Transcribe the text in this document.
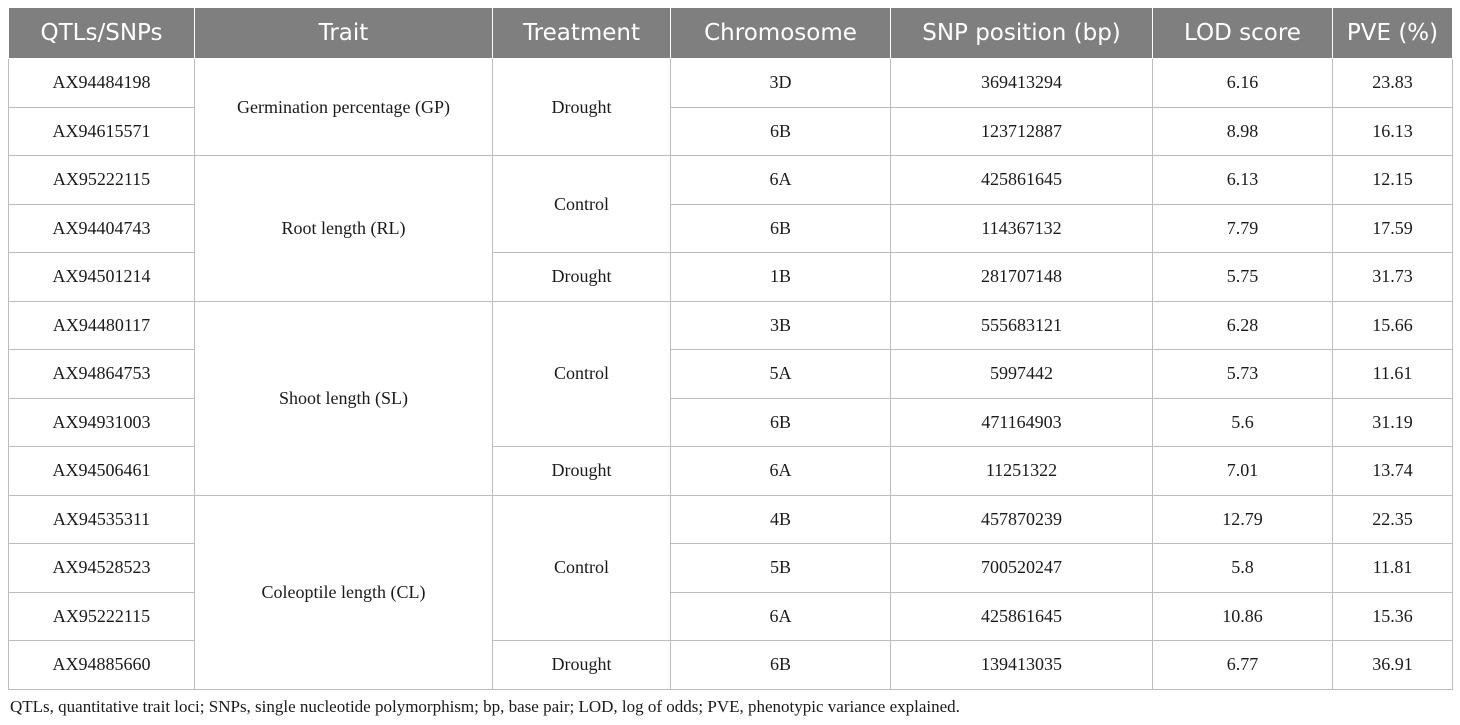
QTLs/SNPs	Trait	Treatment	Chromosome	SNP position (bp)	LOD score	PVE (%)
AX94484198	Germination percentage (GP)	Drought	3D	369413294	6.16	23.83
AX94615571			6B	123712887	8.98	16.13
AX95222115	Root length (RL)	Control	6A	425861645	6.13	12.15
AX94404743			6B	114367132	7.79	17.59
AX94501214		Drought	1B	281707148	5.75	31.73
AX94480117	Shoot length (SL)	Control	3B	555683121	6.28	15.66
AX94864753			5A	5997442	5.73	11.61
AX94931003			6B	471164903	5.6	31.19
AX94506461		Drought	6A	11251322	7.01	13.74
AX94535311	Coleoptile length (CL)	Control	4B	457870239	12.79	22.35
AX94528523			5B	700520247	5.8	11.81
AX95222115			6A	425861645	10.86	15.36
AX94885660		Drought	6B	139413035	6.77	36.91
QTLs, quantitative trait loci; SNPs, single nucleotide polymorphism; bp, base pair; LOD, log of odds; PVE, phenotypic variance explained.
